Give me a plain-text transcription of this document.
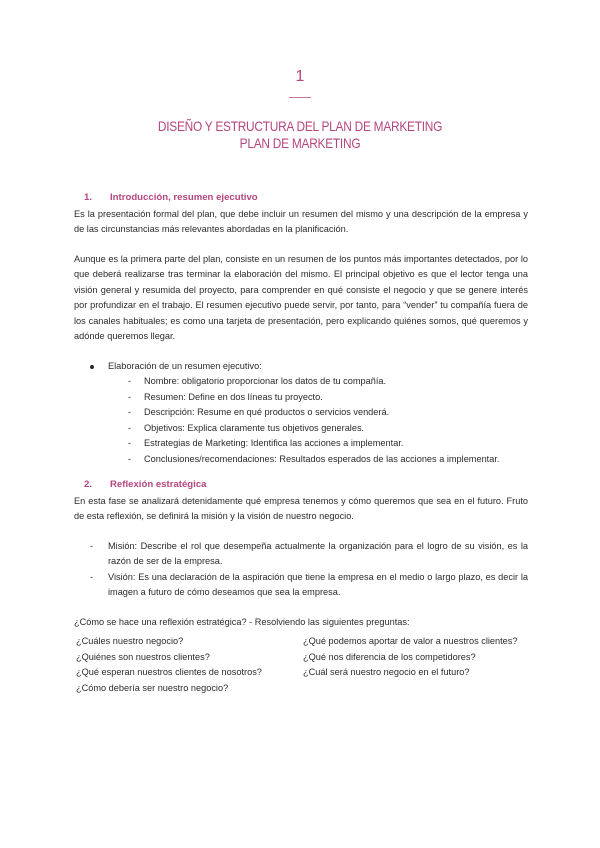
1
DISEÑO Y ESTRUCTURA DEL PLAN DE MARKETING
PLAN DE MARKETING
1. Introducción, resumen ejecutivo

Es la presentación formal del plan, que debe incluir un resumen del mismo y una descripción de la empresa y de las circunstancias más relevantes abordadas en la planificación.

Aunque es la primera parte del plan, consiste en un resumen de los puntos más importantes detectados, por lo que deberá realizarse tras terminar la elaboración del mismo. El principal objetivo es que el lector tenga una visión general y resumida del proyecto, para comprender en qué consiste el negocio y que se genere interés por profundizar en el trabajo. El resumen ejecutivo puede servir, por tanto, para “vender” tu compañía fuera de los canales habituales; es como una tarjeta de presentación, pero explicando quiénes somos, qué queremos y adónde queremos llegar.

Elaboración de un resumen ejecutivo:
- Nombre: obligatorio proporcionar los datos de tu compañía.
- Resumen: Define en dos líneas tu proyecto.
- Descripción: Resume en qué productos o servicios venderá.
- Objetivos: Explica claramente tus objetivos generales.
- Estrategias de Marketing: Identifica las acciones a implementar.
- Conclusiones/recomendaciones: Resultados esperados de las acciones a implementar.
2. Reflexión estratégica

En esta fase se analizará detenidamente qué empresa tenemos y cómo queremos que sea en el futuro. Fruto de esta reflexión, se definirá la misión y la visión de nuestro negocio.

- Misión: Describe el rol que desempeña actualmente la organización para el logro de su visión, es la razón de ser de la empresa.
- Visión: Es una declaración de la aspiración que tiene la empresa en el medio o largo plazo, es decir la imagen a futuro de cómo deseamos que sea la empresa.

¿Cómo se hace una reflexión estratégica? - Resolviendo las siguientes preguntas:

¿Cuáles nuestro negocio?
¿Quiénes son nuestros clientes?
¿Qué esperan nuestros clientes de nosotros?
¿Cómo debería ser nuestro negocio?
¿Qué podemos aportar de valor a nuestros clientes?
¿Qué nos diferencia de los competidores?
¿Cuál será nuestro negocio en el futuro?
